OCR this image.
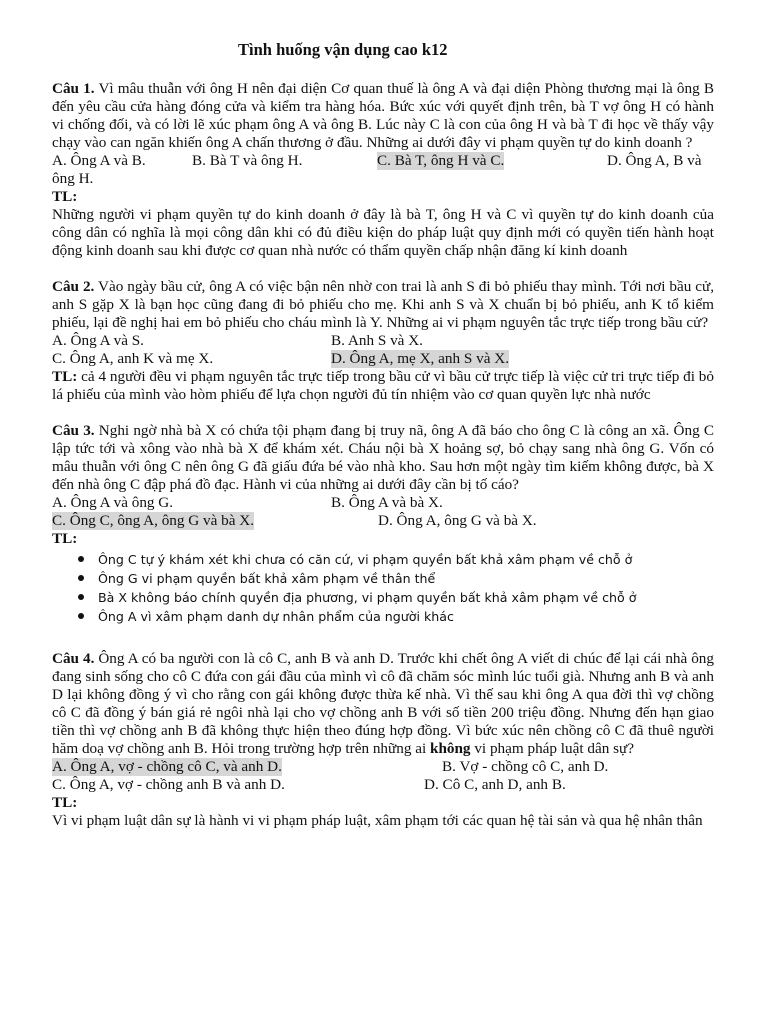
Tình huống vận dụng cao k12

Câu 1. Vì mâu thuẫn với ông H nên đại diện Cơ quan thuế là ông A và đại diện Phòng thương mại là ông B đến yêu cầu cửa hàng đóng cửa và kiểm tra hàng hóa. Bức xúc với quyết định trên, bà T vợ ông H có hành vi chống đối, và có lời lẽ xúc phạm ông A và ông B. Lúc này C là con của ông H và bà T đi học về thấy vậy chạy vào can ngăn khiến ông A chấn thương ở đầu. Những ai dưới đây vi phạm quyền tự do kinh doanh ?

A. Ông A và B.	B. Bà T và ông H.	C. Bà T, ông H và C.	D. Ông A, B và
ông H.

TL:

Những người vi phạm quyền tự do kinh doanh ở đây là bà T, ông H và C vì quyền tự do kinh doanh của công dân có nghĩa là mọi công dân khi có đủ điều kiện do pháp luật quy định mới có quyền tiến hành hoạt động kinh doanh sau khi được cơ quan nhà nước có thẩm quyền chấp nhận đăng kí kinh doanh

Câu 2. Vào ngày bầu cử, ông A có việc bận nên nhờ con trai là anh S đi bỏ phiếu thay mình. Tới nơi bầu cử, anh S gặp X là bạn học cũng đang đi bỏ phiếu cho mẹ. Khi anh S và X chuẩn bị bỏ phiếu, anh K tổ kiểm phiếu, lại đề nghị hai em bỏ phiếu cho cháu mình là Y. Những ai vi phạm nguyên tắc trực tiếp trong bầu cử?

A. Ông A và S.	B. Anh S và X.
C. Ông A, anh K và mẹ X.	D. Ông A, mẹ X, anh S và X.

TL: cả 4 người đều vi phạm nguyên tắc trực tiếp trong bầu cử vì bầu cử trực tiếp là việc cử tri trực tiếp đi bỏ lá phiếu của mình vào hòm phiếu để lựa chọn người đủ tín nhiệm vào cơ quan quyền lực nhà nước

Câu 3. Nghi ngờ nhà bà X có chứa tội phạm đang bị truy nã, ông A đã báo cho ông C là công an xã. Ông C lập tức tới và xông vào nhà bà X để khám xét. Cháu nội bà X hoảng sợ, bỏ chạy sang nhà ông G. Vốn có mâu thuẫn với ông C nên ông G đã giấu đứa bé vào nhà kho. Sau hơn một ngày tìm kiếm không được, bà X đến nhà ông C đập phá đồ đạc. Hành vi của những ai dưới đây cần bị tố cáo?

A. Ông A và ông G.	B. Ông A và bà X.
C. Ông C, ông A, ông G và bà X.	D. Ông A, ông G và bà X.

TL:

Ông C tự ý khám xét khi chưa có căn cứ, vi phạm quyền bất khả xâm phạm về chỗ ở
Ông G vi phạm quyền bất khả xâm phạm về thân thể
Bà X không báo chính quyền địa phương, vi phạm quyền bất khả xâm phạm về chỗ ở
Ông A vì xâm phạm danh dự nhân phẩm của người khác

Câu 4. Ông A có ba người con là cô C, anh B và anh D. Trước khi chết ông A viết di chúc để lại cái nhà ông đang sinh sống cho cô C đứa con gái đầu của mình vì cô đã chăm sóc mình lúc tuổi già. Nhưng anh B và anh D lại không đồng ý vì cho rằng con gái không được thừa kế nhà. Vì thế sau khi ông A qua đời thì vợ chồng cô C đã đồng ý bán giá rẻ ngôi nhà lại cho vợ chồng anh B với số tiền 200 triệu đồng. Nhưng đến hạn giao tiền thì vợ chồng anh B đã không thực hiện theo đúng hợp đồng. Vì bức xúc nên chồng cô C đã thuê người hăm doạ vợ chồng anh B. Hỏi trong trường hợp trên những ai không vi phạm pháp luật dân sự?

A. Ông A, vợ - chồng cô C, và anh D.	B. Vợ - chồng cô C, anh D.
C. Ông A, vợ - chồng anh B và anh D.	D. Cô C, anh D, anh B.

TL:

Vì vi phạm luật dân sự là hành vi vi phạm pháp luật, xâm phạm tới các quan hệ tài sản và qua hệ nhân thân
